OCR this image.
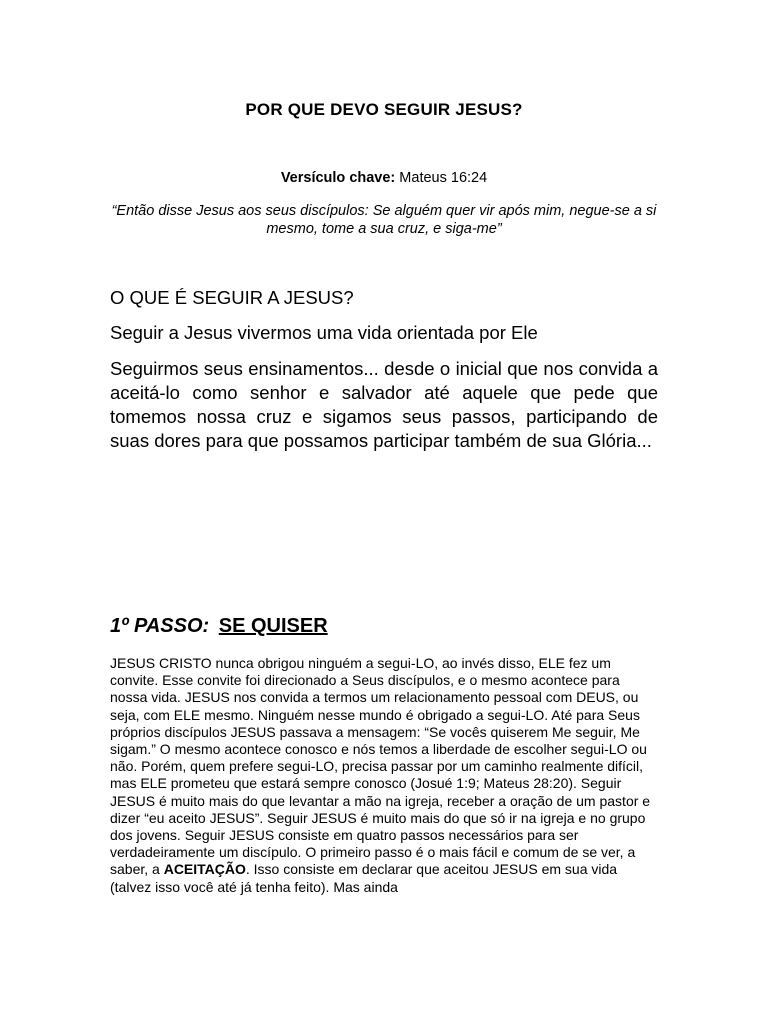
POR QUE DEVO SEGUIR JESUS?
Versículo chave: Mateus 16:24
“Então disse Jesus aos seus discípulos: Se alguém quer vir após mim, negue-se a si mesmo, tome a sua cruz, e siga-me”
O QUE É SEGUIR A JESUS?
Seguir a Jesus vivermos uma vida orientada por Ele
Seguirmos seus ensinamentos... desde o inicial que nos convida a aceitá-lo como senhor e salvador até aquele que pede que tomemos nossa cruz e sigamos seus passos, participando de suas dores para que possamos participar também de sua Glória...
1º PASSO: SE QUISER
JESUS CRISTO nunca obrigou ninguém a segui-LO, ao invés disso, ELE fez um convite. Esse convite foi direcionado a Seus discípulos, e o mesmo acontece para nossa vida. JESUS nos convida a termos um relacionamento pessoal com DEUS, ou seja, com ELE mesmo. Ninguém nesse mundo é obrigado a segui-LO. Até para Seus próprios discípulos JESUS passava a mensagem: “Se vocês quiserem Me seguir, Me sigam.” O mesmo acontece conosco e nós temos a liberdade de escolher segui-LO ou não. Porém, quem prefere segui-LO, precisa passar por um caminho realmente difícil, mas ELE prometeu que estará sempre conosco (Josué 1:9; Mateus 28:20). Seguir JESUS é muito mais do que levantar a mão na igreja, receber a oração de um pastor e dizer “eu aceito JESUS”. Seguir JESUS é muito mais do que só ir na igreja e no grupo dos jovens. Seguir JESUS consiste em quatro passos necessários para ser verdadeiramente um discípulo. O primeiro passo é o mais fácil e comum de se ver, a saber, a ACEITAÇÃO. Isso consiste em declarar que aceitou JESUS em sua vida (talvez isso você até já tenha feito). Mas ainda
